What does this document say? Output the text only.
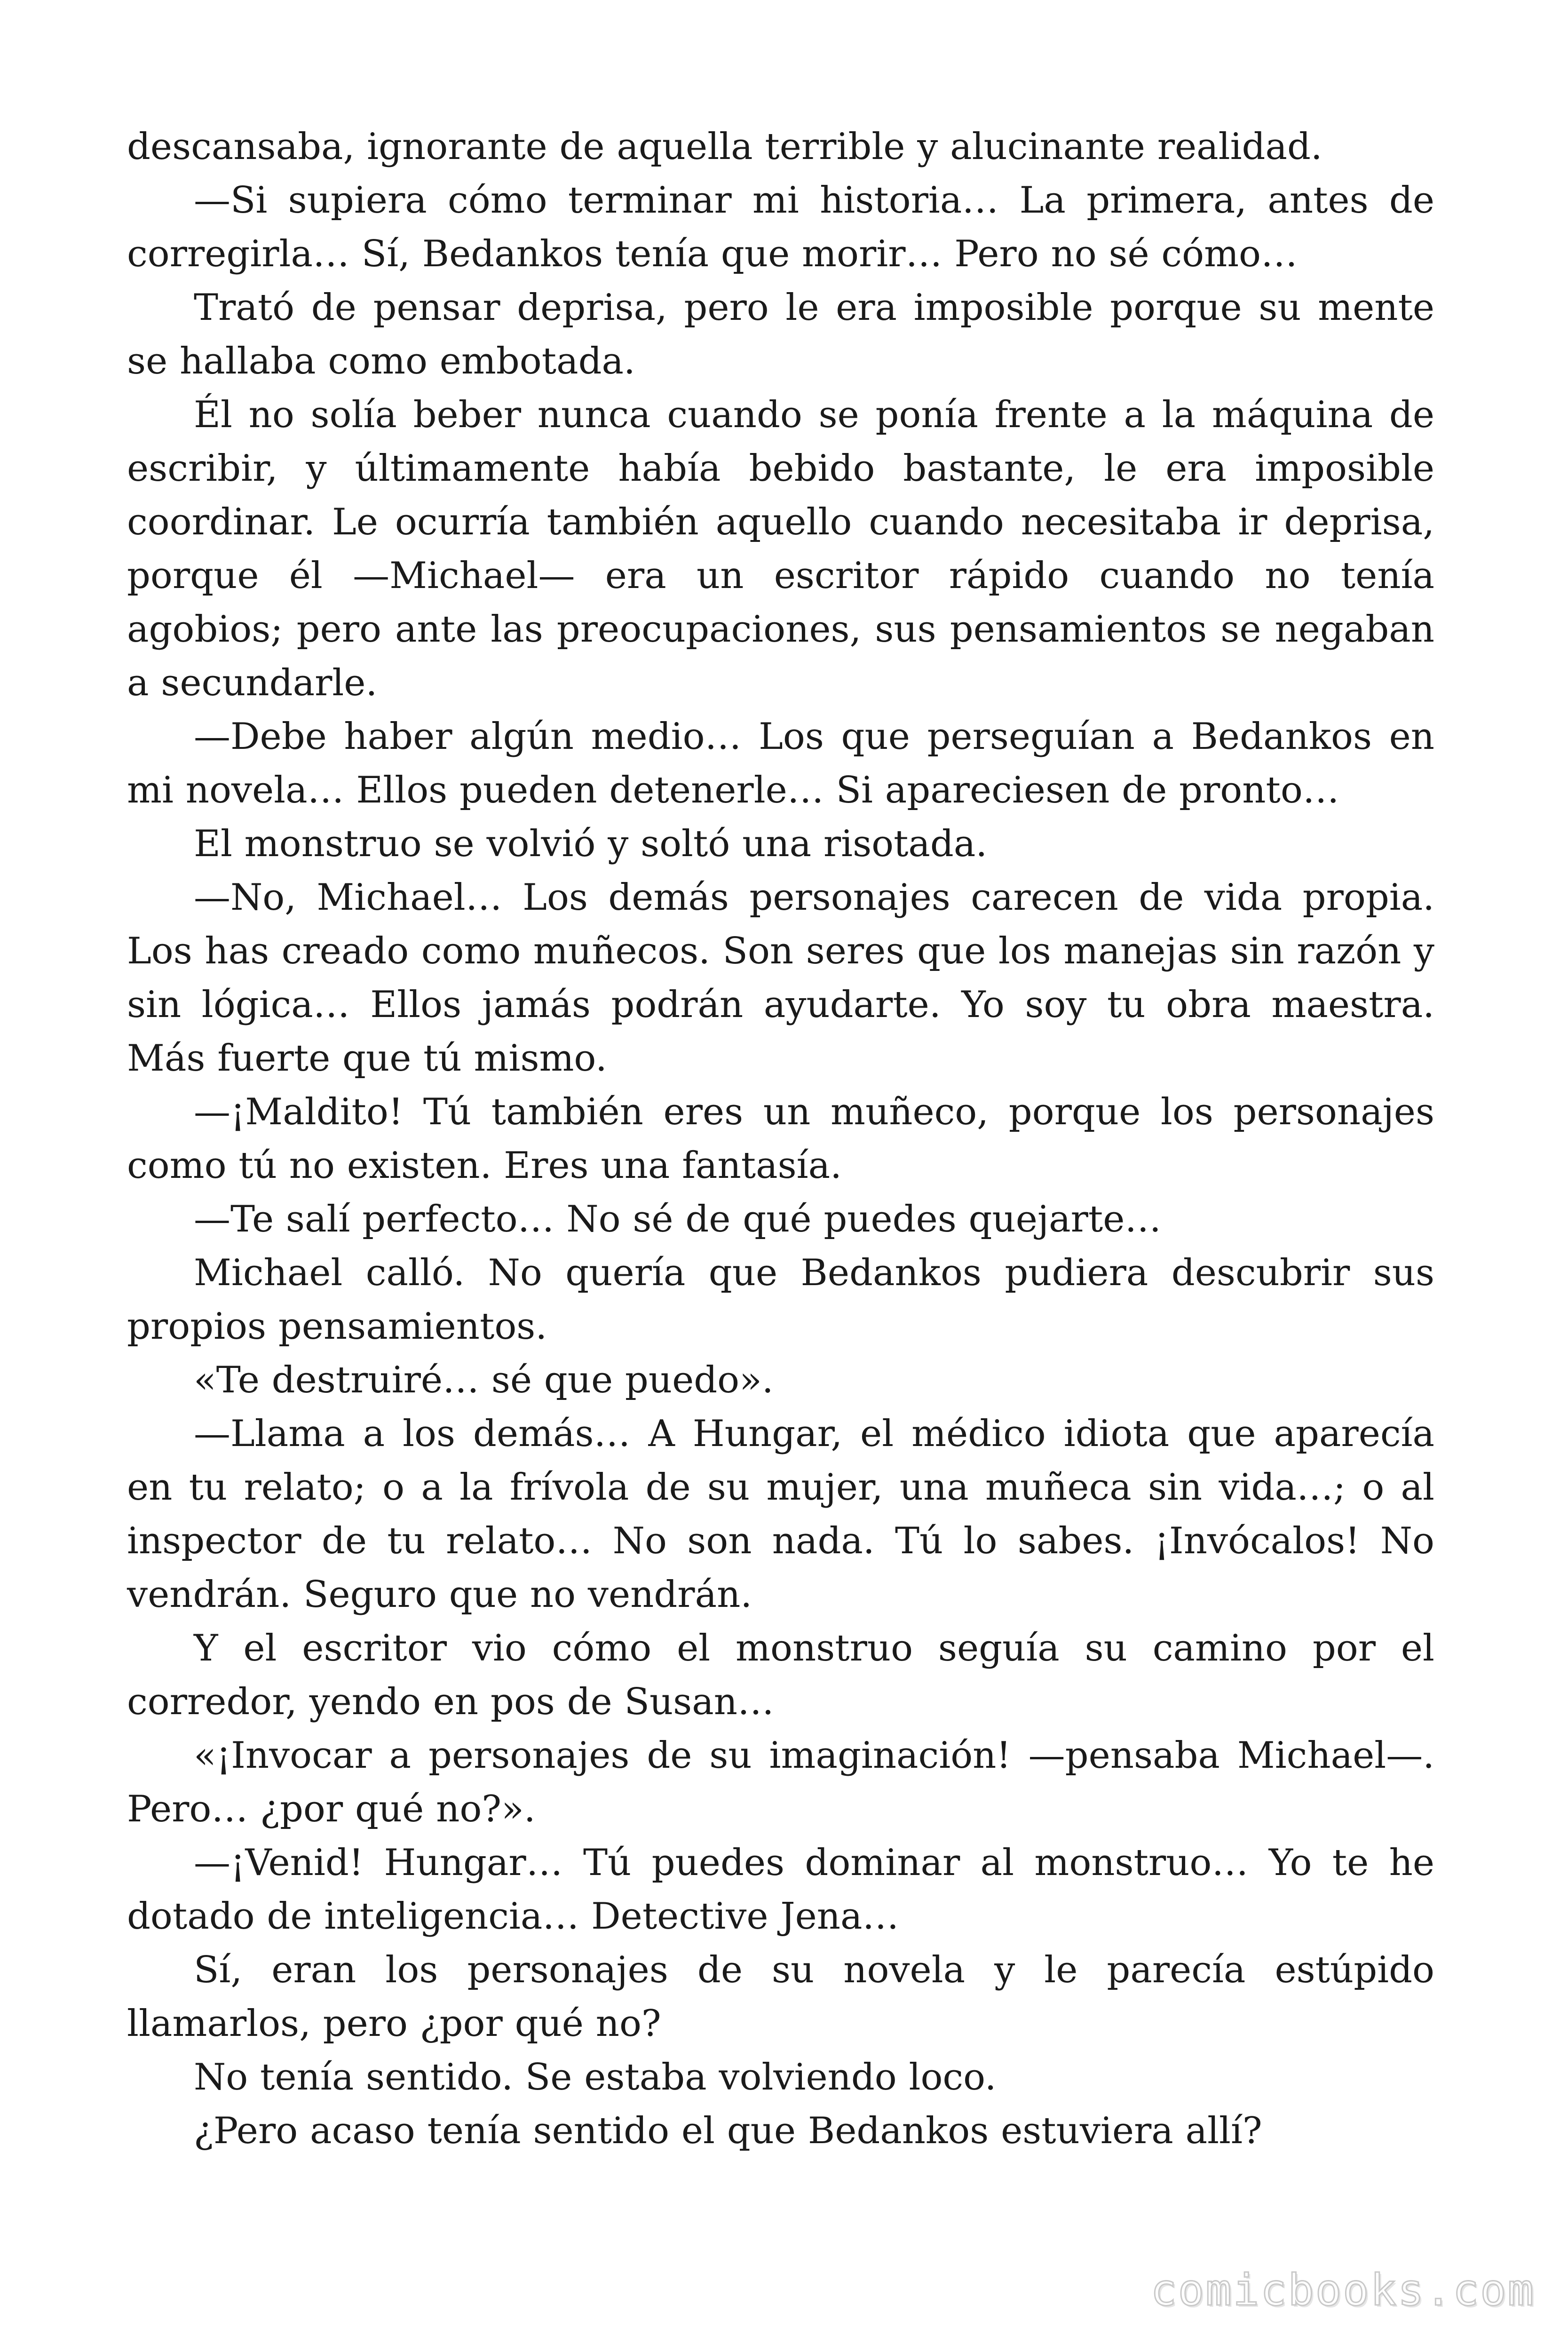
descansaba, ignorante de aquella terrible y alucinante realidad.

—Si supiera cómo terminar mi historia… La primera, antes de corregirla… Sí, Bedankos tenía que morir… Pero no sé cómo…

Trató de pensar deprisa, pero le era imposible porque su mente se hallaba como embotada.

Él no solía beber nunca cuando se ponía frente a la máquina de escribir, y últimamente había bebido bastante, le era imposible coordinar. Le ocurría también aquello cuando necesitaba ir deprisa, porque él —Michael— era un escritor rápido cuando no tenía agobios; pero ante las preocupaciones, sus pensamientos se negaban a secundarle.

—Debe haber algún medio… Los que perseguían a Bedankos en mi novela… Ellos pueden detenerle… Si apareciesen de pronto…

El monstruo se volvió y soltó una risotada.

—No, Michael… Los demás personajes carecen de vida propia. Los has creado como muñecos. Son seres que los manejas sin razón y sin lógica… Ellos jamás podrán ayudarte. Yo soy tu obra maestra. Más fuerte que tú mismo.

—¡Maldito! Tú también eres un muñeco, porque los personajes como tú no existen. Eres una fantasía.

—Te salí perfecto… No sé de qué puedes quejarte…

Michael calló. No quería que Bedankos pudiera descubrir sus propios pensamientos.

«Te destruiré… sé que puedo».

—Llama a los demás… A Hungar, el médico idiota que aparecía en tu relato; o a la frívola de su mujer, una muñeca sin vida…; o al inspector de tu relato… No son nada. Tú lo sabes. ¡Invócalos! No vendrán. Seguro que no vendrán.

Y el escritor vio cómo el monstruo seguía su camino por el corredor, yendo en pos de Susan…

«¡Invocar a personajes de su imaginación! —pensaba Michael—. Pero… ¿por qué no?».

—¡Venid! Hungar… Tú puedes dominar al monstruo… Yo te he dotado de inteligencia… Detective Jena…

Sí, eran los personajes de su novela y le parecía estúpido llamarlos, pero ¿por qué no?

No tenía sentido. Se estaba volviendo loco.

¿Pero acaso tenía sentido el que Bedankos estuviera allí?

comicbooks.com
